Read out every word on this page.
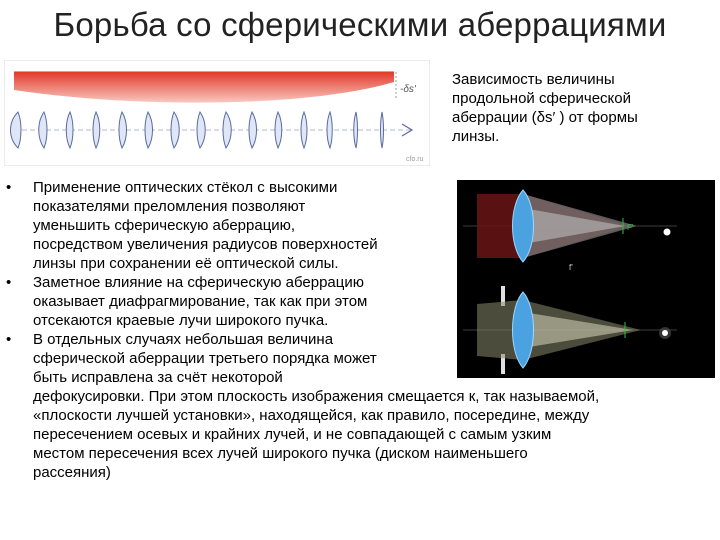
Борьба со сферическими аберрациями
-δs'
cfo.ru
Зависимость величины
продольной сферической
аберрации (δs′ ) от формы
линзы.
F'
f'
• Применение оптических стёкол с высокими
показателями преломления позволяют
уменьшить сферическую аберрацию,
посредством увеличения радиусов поверхностей
линзы при сохранении её оптической силы.
• Заметное влияние на сферическую аберрацию
оказывает диафрагмирование, так как при этом
отсекаются краевые лучи широкого пучка.
• В отдельных случаях небольшая величина
сферической аберрации третьего порядка может
быть исправлена за счёт некоторой
дефокусировки. При этом плоскость изображения смещается к, так называемой,
«плоскости лучшей установки», находящейся, как правило, посередине, между
пересечением осевых и крайних лучей, и не совпадающей с самым узким
местом пересечения всех лучей широкого пучка (диском наименьшего
рассеяния)
